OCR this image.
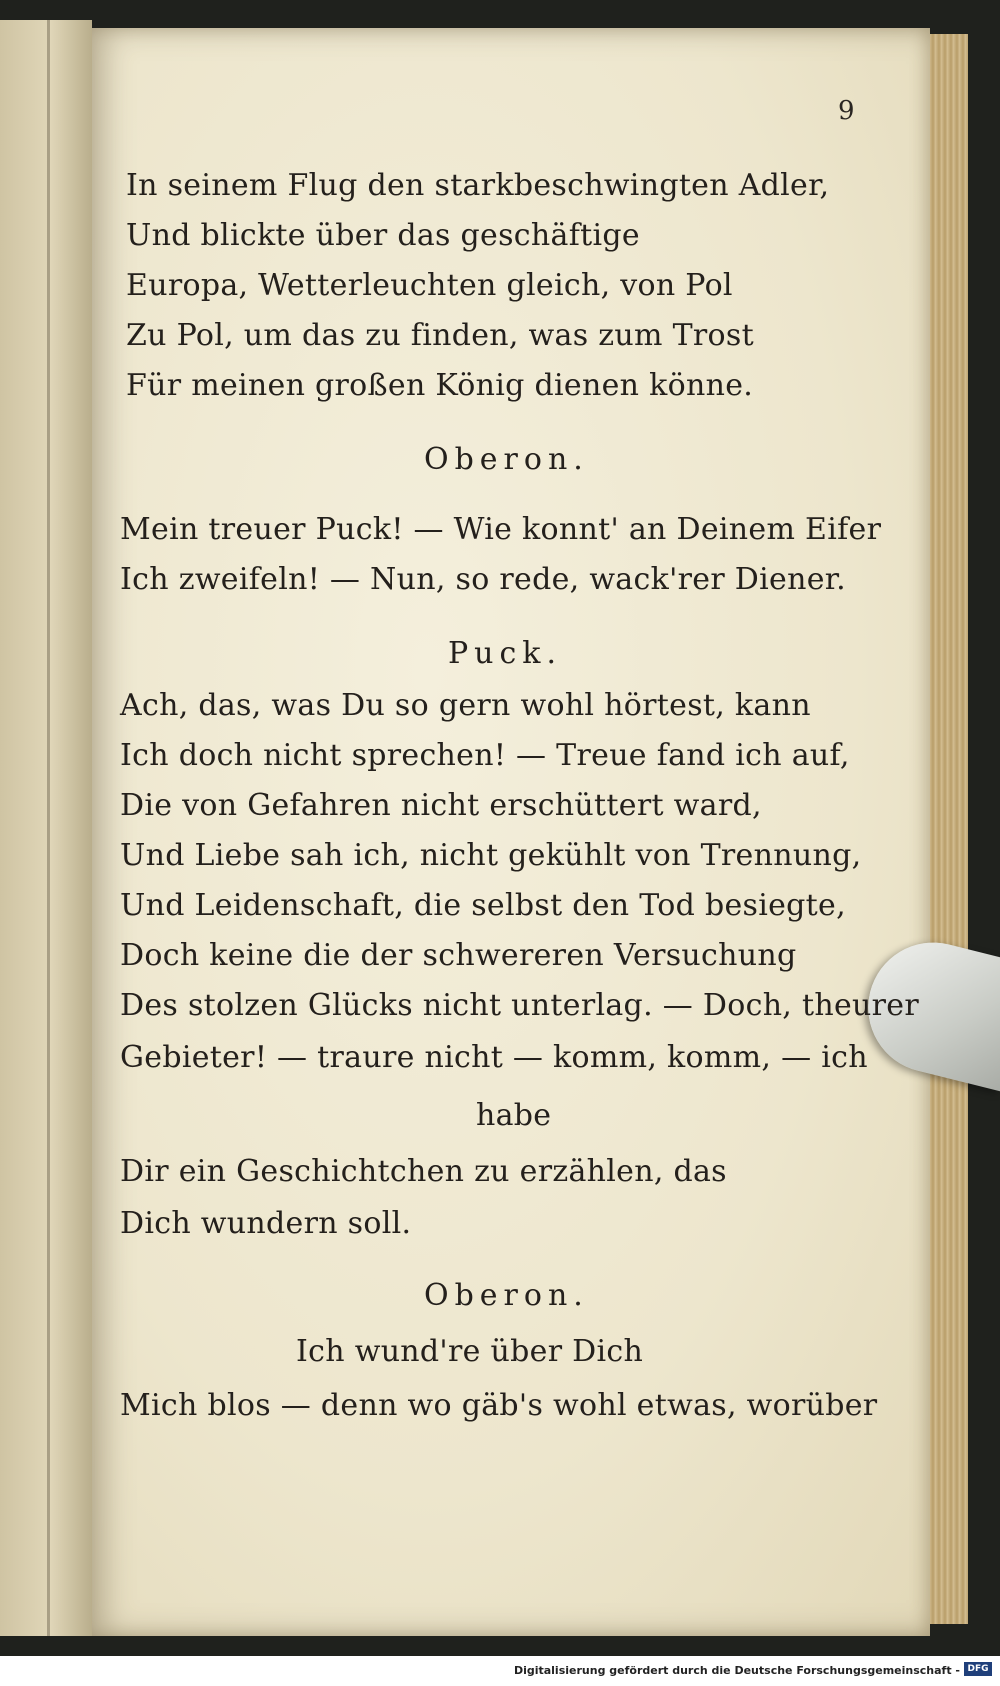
9
In seinem Flug den starkbeschwingten Adler,
Und blickte über das geschäftige
Europa, Wetterleuchten gleich, von Pol
Zu Pol, um das zu finden, was zum Trost
Für meinen großen König dienen könne.
Oberon.
Mein treuer Puck! — Wie konnt' an Deinem Eifer
Ich zweifeln! — Nun, so rede, wack'rer Diener.
Puck.
Ach, das, was Du so gern wohl hörtest, kann
Ich doch nicht sprechen! — Treue fand ich auf,
Die von Gefahren nicht erschüttert ward,
Und Liebe sah ich, nicht gekühlt von Trennung,
Und Leidenschaft, die selbst den Tod besiegte,
Doch keine die der schwereren Versuchung
Des stolzen Glücks nicht unterlag. — Doch, theurer
Gebieter! — traure nicht — komm, komm, — ich
habe
Dir ein Geschichtchen zu erzählen, das
Dich wundern soll.
Oberon.
Ich wund're über Dich
Mich blos — denn wo gäb's wohl etwas, worüber
Digitalisierung gefördert durch die Deutsche Forschungsgemeinschaft - DFG
